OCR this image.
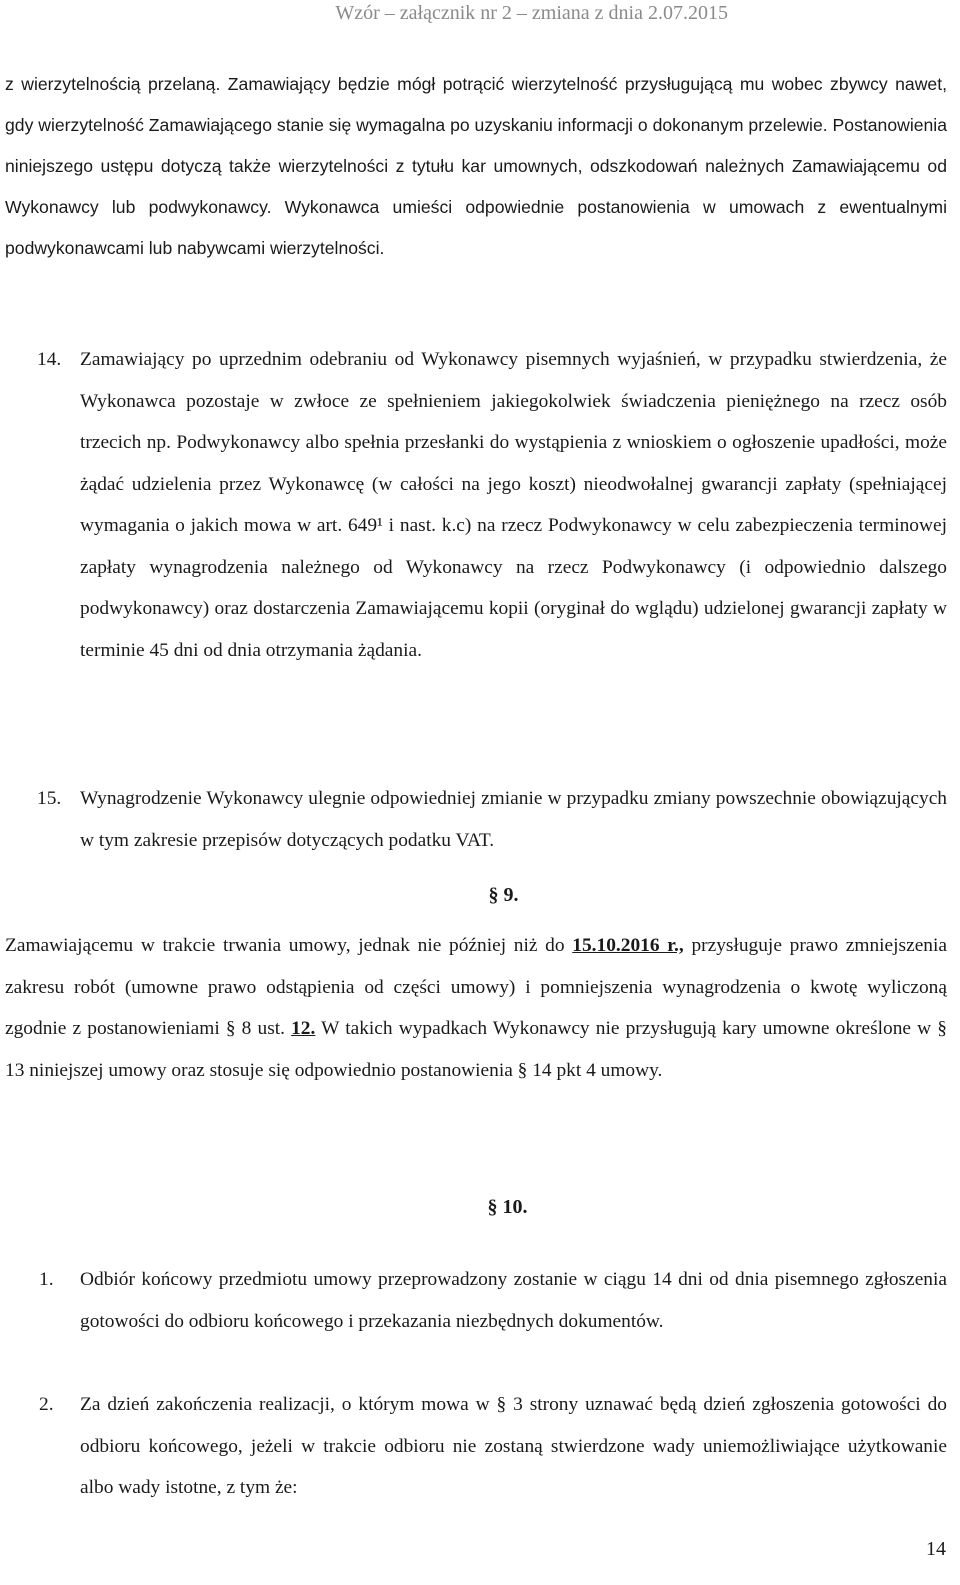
Wzór – załącznik nr 2 – zmiana z dnia 2.07.2015

z wierzytelnością przelaną. Zamawiający będzie mógł potrącić wierzytelność przysługującą mu wobec zbywcy nawet, gdy wierzytelność Zamawiającego stanie się wymagalna po uzyskaniu informacji o dokonanym przelewie. Postanowienia niniejszego ustępu dotyczą także wierzytelności z tytułu kar umownych, odszkodowań należnych Zamawiającemu od Wykonawcy lub podwykonawcy. Wykonawca umieści odpowiednie postanowienia w umowach z ewentualnymi podwykonawcami lub nabywcami wierzytelności.

14. Zamawiający po uprzednim odebraniu od Wykonawcy pisemnych wyjaśnień, w przypadku stwierdzenia, że Wykonawca pozostaje w zwłoce ze spełnieniem jakiegokolwiek świadczenia pieniężnego na rzecz osób trzecich np. Podwykonawcy albo spełnia przesłanki do wystąpienia z wnioskiem o ogłoszenie upadłości, może żądać udzielenia przez Wykonawcę (w całości na jego koszt) nieodwołalnej gwarancji zapłaty (spełniającej wymagania o jakich mowa w art. 649¹ i nast. k.c) na rzecz Podwykonawcy w celu zabezpieczenia terminowej zapłaty wynagrodzenia należnego od Wykonawcy na rzecz Podwykonawcy (i odpowiednio dalszego podwykonawcy) oraz dostarczenia Zamawiającemu kopii (oryginał do wglądu) udzielonej gwarancji zapłaty w terminie 45 dni od dnia otrzymania żądania.
15. Wynagrodzenie Wykonawcy ulegnie odpowiedniej zmianie w przypadku zmiany powszechnie obowiązujących w tym zakresie przepisów dotyczących podatku VAT.
§ 9.

Zamawiającemu w trakcie trwania umowy, jednak nie później niż do 15.10.2016 r., przysługuje prawo zmniejszenia zakresu robót (umowne prawo odstąpienia od części umowy) i pomniejszenia wynagrodzenia o kwotę wyliczoną zgodnie z postanowieniami § 8 ust. 12. W takich wypadkach Wykonawcy nie przysługują kary umowne określone w § 13 niniejszej umowy oraz stosuje się odpowiednio postanowienia § 14 pkt 4 umowy.

§ 10.
1. Odbiór końcowy przedmiotu umowy przeprowadzony zostanie w ciągu 14 dni od dnia pisemnego zgłoszenia gotowości do odbioru końcowego i przekazania niezbędnych dokumentów.
2. Za dzień zakończenia realizacji, o którym mowa w § 3 strony uznawać będą dzień zgłoszenia gotowości do odbioru końcowego, jeżeli w trakcie odbioru nie zostaną stwierdzone wady uniemożliwiające użytkowanie albo wady istotne, z tym że:
14
